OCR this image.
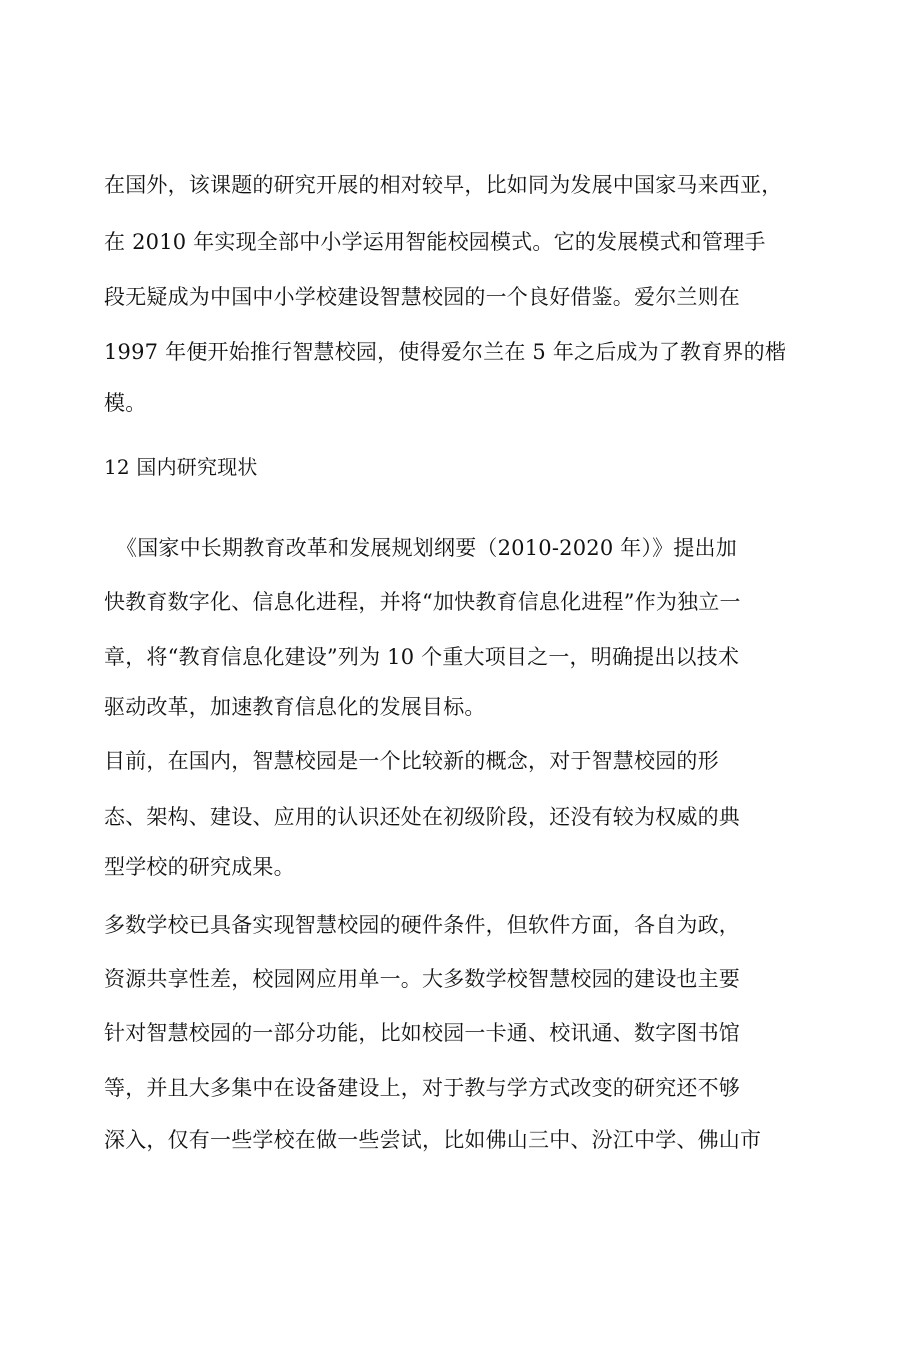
在国外，该课题的研究开展的相对较早，比如同为发展中国家马来西亚，
在 2010 年实现全部中小学运用智能校园模式。它的发展模式和管理手
段无疑成为中国中小学校建设智慧校园的一个良好借鉴。爱尔兰则在
1997 年便开始推行智慧校园，使得爱尔兰在 5 年之后成为了教育界的楷
模。
12 国内研究现状
《国家中长期教育改革和发展规划纲要（2010-2020 年）》提出加
快教育数字化、信息化进程，并将“加快教育信息化进程”作为独立一
章，将“教育信息化建设”列为 10 个重大项目之一，明确提出以技术
驱动改革，加速教育信息化的发展目标。
目前，在国内，智慧校园是一个比较新的概念，对于智慧校园的形
态、架构、建设、应用的认识还处在初级阶段，还没有较为权威的典
型学校的研究成果。
多数学校已具备实现智慧校园的硬件条件，但软件方面，各自为政，
资源共享性差，校园网应用单一。大多数学校智慧校园的建设也主要
针对智慧校园的一部分功能，比如校园一卡通、校讯通、数字图书馆
等，并且大多集中在设备建设上，对于教与学方式改变的研究还不够
深入，仅有一些学校在做一些尝试，比如佛山三中、汾江中学、佛山市
